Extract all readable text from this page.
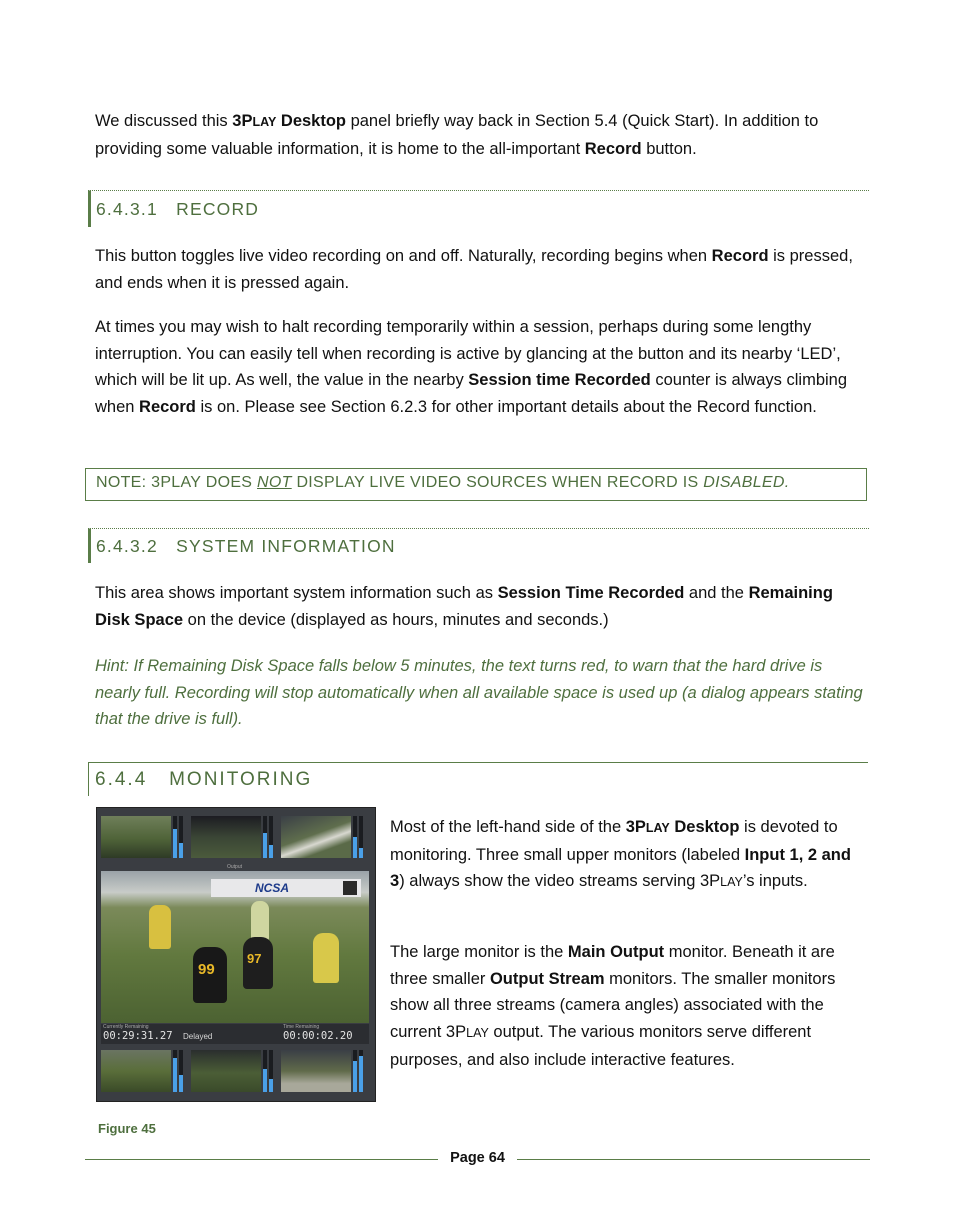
We discussed this 3PLAY Desktop panel briefly way back in Section 5.4 (Quick Start). In addition to providing some valuable information, it is home to the all-important Record button.

6.4.3.1 RECORD

This button toggles live video recording on and off. Naturally, recording begins when Record is pressed, and ends when it is pressed again.

At times you may wish to halt recording temporarily within a session, perhaps during some lengthy interruption. You can easily tell when recording is active by glancing at the button and its nearby ‘LED’, which will be lit up. As well, the value in the nearby Session time Recorded counter is always climbing when Record is on. Please see Section 6.2.3 for other important details about the Record function.

NOTE: 3PLAY DOES NOT DISPLAY LIVE VIDEO SOURCES WHEN RECORD IS DISABLED.
6.4.3.2 SYSTEM INFORMATION

This area shows important system information such as Session Time Recorded and the Remaining Disk Space on the device (displayed as hours, minutes and seconds.)

Hint: If Remaining Disk Space falls below 5 minutes, the text turns red, to warn that the hard drive is nearly full. Recording will stop automatically when all available space is used up (a dialog appears stating that the drive is full).

6.4.4 MONITORING

Most of the left-hand side of the 3PLAY Desktop is devoted to monitoring. Three small upper monitors (labeled Input 1, 2 and 3) always show the video streams serving 3PLAY’s inputs.

The large monitor is the Main Output monitor. Beneath it are three smaller Output Stream monitors. The smaller monitors show all three streams (camera angles) associated with the current 3PLAY output. The various monitors serve different purposes, and also include interactive features.

Output
NCSA
99
97
Currently Remaining
00:29:31.27 Delayed
Time Remaining
00:00:02.20
Figure 45
Page 64
